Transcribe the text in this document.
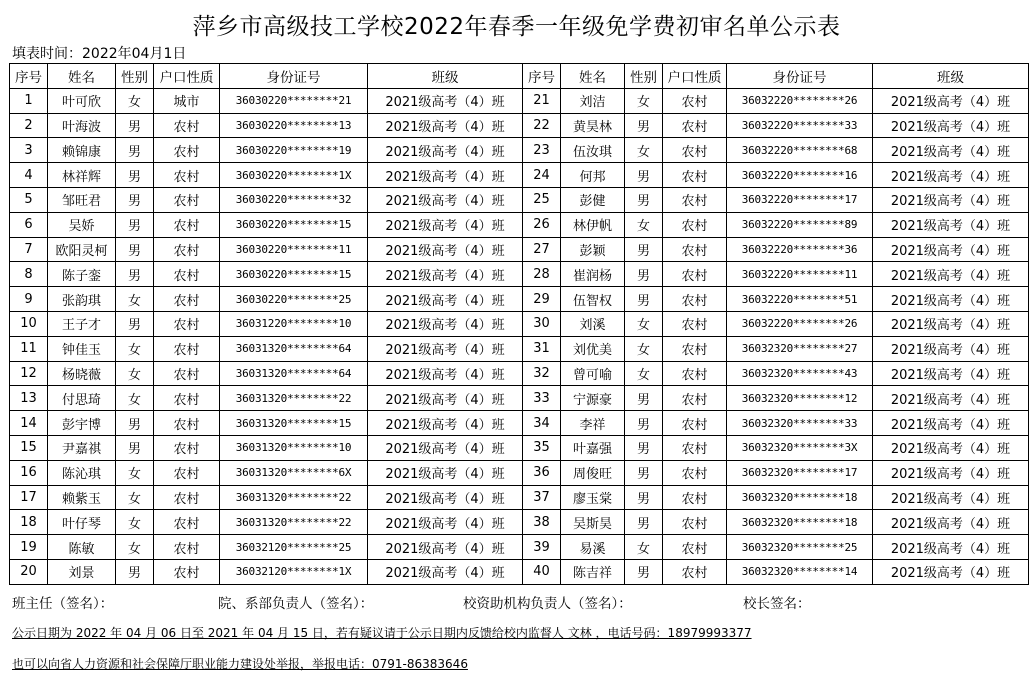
萍乡市高级技工学校2022年春季一年级免学费初审名单公示表
填表时间：2022年04月1日
序号	姓名	性别	户口性质	身份证号	班级	序号	姓名	性别	户口性质	身份证号	班级
1	叶可欣	女	城市	36030220********21	2021级高考（4）班	21	刘洁	女	农村	36032220********26	2021级高考（4）班
2	叶海波	男	农村	36030220********13	2021级高考（4）班	22	黄昊林	男	农村	36032220********33	2021级高考（4）班
3	赖锦康	男	农村	36030220********19	2021级高考（4）班	23	伍汝琪	女	农村	36032220********68	2021级高考（4）班
4	林祥辉	男	农村	36030220********1X	2021级高考（4）班	24	何邦	男	农村	36032220********16	2021级高考（4）班
5	邹旺君	男	农村	36030220********32	2021级高考（4）班	25	彭健	男	农村	36032220********17	2021级高考（4）班
6	吴娇	男	农村	36030220********15	2021级高考（4）班	26	林伊帆	女	农村	36032220********89	2021级高考（4）班
7	欧阳灵柯	男	农村	36030220********11	2021级高考（4）班	27	彭颖	男	农村	36032220********36	2021级高考（4）班
8	陈子銮	男	农村	36030220********15	2021级高考（4）班	28	崔润杨	男	农村	36032220********11	2021级高考（4）班
9	张韵琪	女	农村	36030220********25	2021级高考（4）班	29	伍智权	男	农村	36032220********51	2021级高考（4）班
10	王子才	男	农村	36031220********10	2021级高考（4）班	30	刘溪	女	农村	36032220********26	2021级高考（4）班
11	钟佳玉	女	农村	36031320********64	2021级高考（4）班	31	刘优美	女	农村	36032320********27	2021级高考（4）班
12	杨晓薇	女	农村	36031320********64	2021级高考（4）班	32	曾可喻	女	农村	36032320********43	2021级高考（4）班
13	付思琦	女	农村	36031320********22	2021级高考（4）班	33	宁源豪	男	农村	36032320********12	2021级高考（4）班
14	彭宇博	男	农村	36031320********15	2021级高考（4）班	34	李祥	男	农村	36032320********33	2021级高考（4）班
15	尹嘉祺	男	农村	36031320********10	2021级高考（4）班	35	叶嘉强	男	农村	36032320********3X	2021级高考（4）班
16	陈沁琪	女	农村	36031320********6X	2021级高考（4）班	36	周俊旺	男	农村	36032320********17	2021级高考（4）班
17	赖紫玉	女	农村	36031320********22	2021级高考（4）班	37	廖玉棠	男	农村	36032320********18	2021级高考（4）班
18	叶仔琴	女	农村	36031320********22	2021级高考（4）班	38	吴斯昊	男	农村	36032320********18	2021级高考（4）班
19	陈敏	女	农村	36032120********25	2021级高考（4）班	39	易溪	女	农村	36032320********25	2021级高考（4）班
20	刘景	男	农村	36032120********1X	2021级高考（4）班	40	陈吉祥	男	农村	36032320********14	2021级高考（4）班
班主任（签名）：	院、系部负责人（签名）：	校资助机构负责人（签名）：	校长签名：
公示日期为 2022 年 04 月 06 日至 2021 年 04 月 15 日，若有疑议请于公示日期内反馈给校内监督人 文林 ，电话号码：18979993377
也可以向省人力资源和社会保障厅职业能力建设处举报，举报电话：0791-86383646
